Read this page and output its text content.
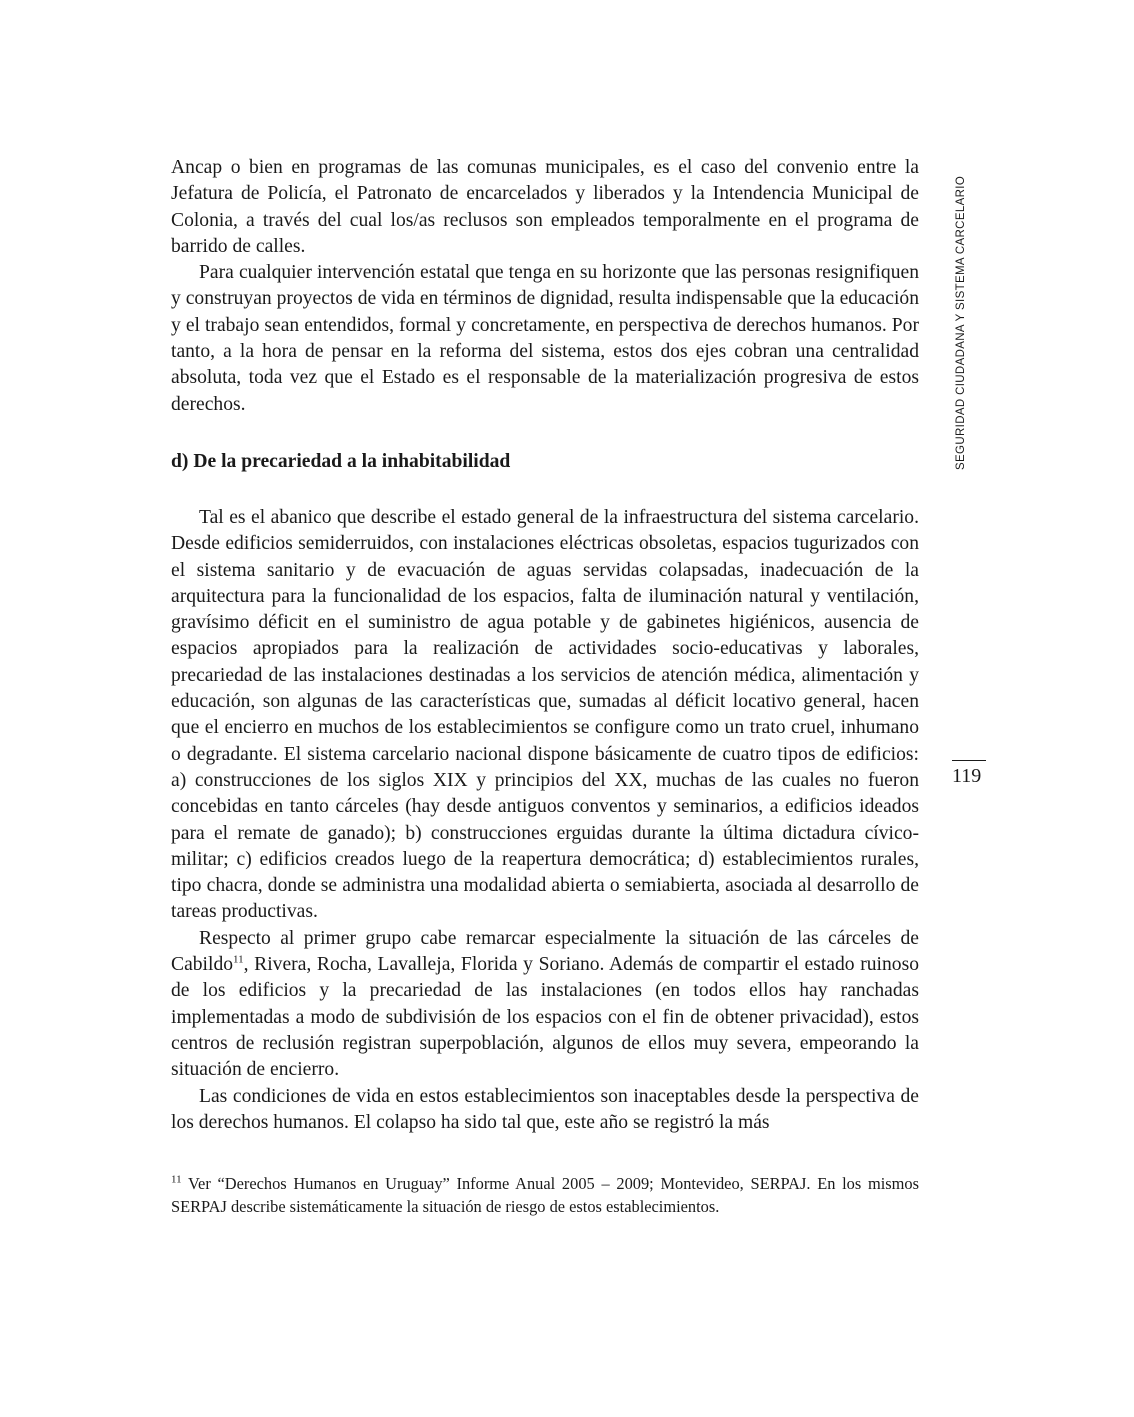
Ancap o bien en programas de las comunas municipales, es el caso del convenio entre la Jefatura de Policía, el Patronato de encarcelados y liberados y la Intendencia Municipal de Colonia, a través del cual los/as reclusos son empleados temporalmente en el programa de barrido de calles.

Para cualquier intervención estatal que tenga en su horizonte que las personas resignifiquen y construyan proyectos de vida en términos de dignidad, resulta indispensable que la educación y el trabajo sean entendidos, formal y concretamente, en perspectiva de derechos humanos. Por tanto, a la hora de pensar en la reforma del sistema, estos dos ejes cobran una centralidad absoluta, toda vez que el Estado es el responsable de la materialización progresiva de estos derechos.

d) De la precariedad a la inhabitabilidad

Tal es el abanico que describe el estado general de la infraestructura del sistema carcelario. Desde edificios semiderruidos, con instalaciones eléctricas obsoletas, espacios tugurizados con el sistema sanitario y de evacuación de aguas servidas colapsadas, inadecuación de la arquitectura para la funcionalidad de los espacios, falta de iluminación natural y ventilación, gravísimo déficit en el suministro de agua potable y de gabinetes higiénicos, ausencia de espacios apropiados para la realización de actividades socio-educativas y laborales, precariedad de las instalaciones destinadas a los servicios de atención médica, alimentación y educación, son algunas de las características que, sumadas al déficit locativo general, hacen que el encierro en muchos de los establecimientos se configure como un trato cruel, inhumano o degradante. El sistema carcelario nacional dispone básicamente de cuatro tipos de edificios: a) construcciones de los siglos XIX y principios del XX, muchas de las cuales no fueron concebidas en tanto cárceles (hay desde antiguos conventos y seminarios, a edificios ideados para el remate de ganado); b) construcciones erguidas durante la última dictadura cívico-militar; c) edificios creados luego de la reapertura democrática; d) establecimientos rurales, tipo chacra, donde se administra una modalidad abierta o semiabierta, asociada al desarrollo de tareas productivas.

Respecto al primer grupo cabe remarcar especialmente la situación de las cárceles de Cabildo$^{11}$, Rivera, Rocha, Lavalleja, Florida y Soriano. Además de compartir el estado ruinoso de los edificios y la precariedad de las instalaciones (en todos ellos hay ranchadas implementadas a modo de subdivisión de los espacios con el fin de obtener privacidad), estos centros de reclusión registran superpoblación, algunos de ellos muy severa, empeorando la situación de encierro.

Las condiciones de vida en estos establecimientos son inaceptables desde la perspectiva de los derechos humanos. El colapso ha sido tal que, este año se registró la más

$^{11}$ Ver “Derechos Humanos en Uruguay” Informe Anual 2005 – 2009; Montevideo, SERPAJ. En los mismos SERPAJ describe sistemáticamente la situación de riesgo de estos establecimientos.

SEGURIDAD CIUDADANA Y SISTEMA CARCELARIO
119
